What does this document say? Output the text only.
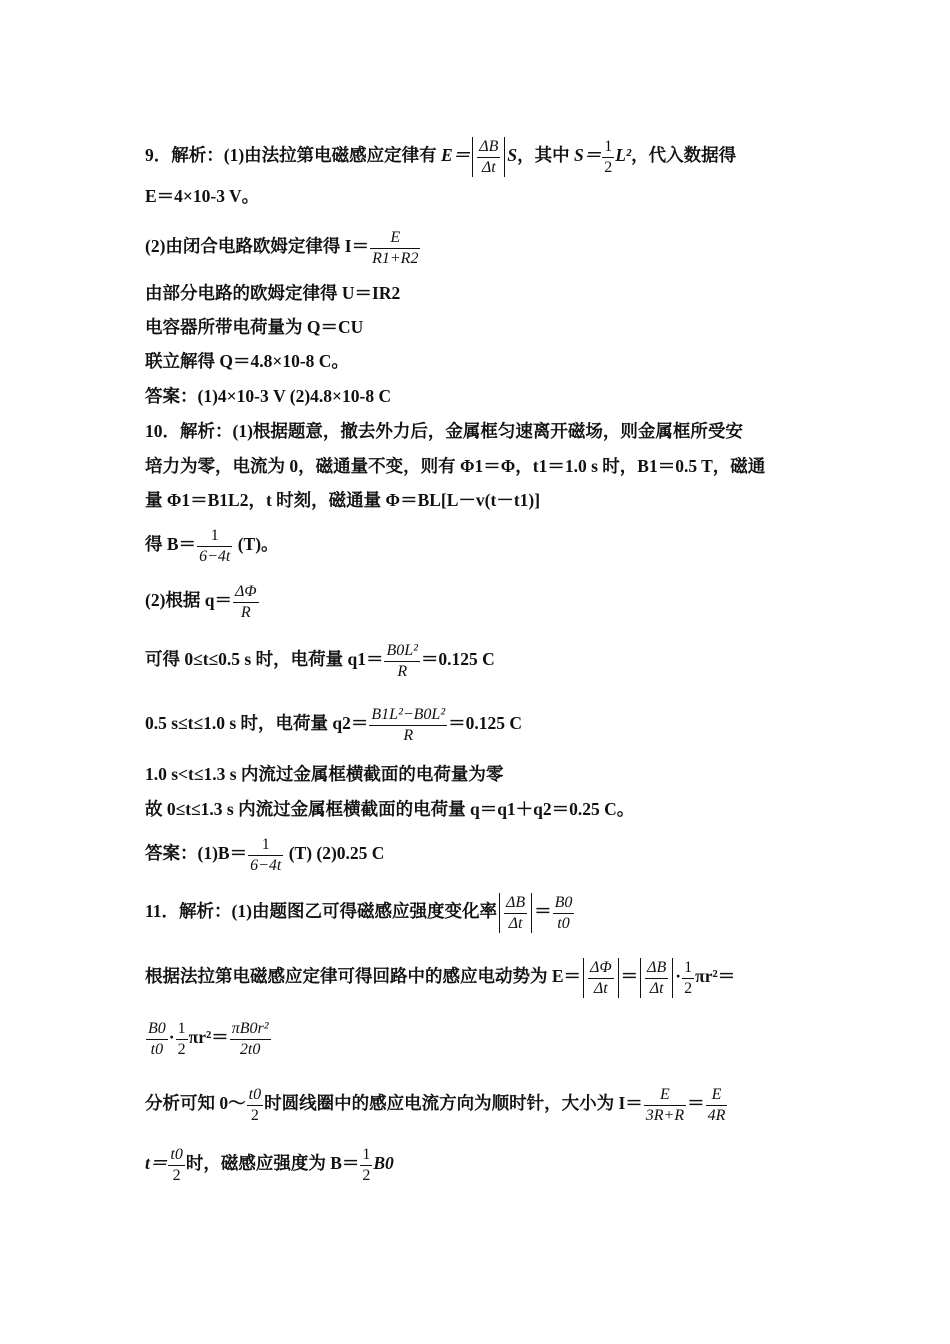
9．解析：(1)由法拉第电磁感应定律有 $E= \frac{\Delta B}{\Delta t}$ S，其中 $S= \frac{1}{2} L^2$，代入数据得
E＝4×10-3 V。
(2)由闭合电路欧姆定律得 $I= \frac{E}{R1+R2}$
由部分电路的欧姆定律得 U＝IR2
电容器所带电荷量为 Q＝CU
联立解得 Q＝4.8×10-8 C。
答案：(1)4×10-3 V (2)4.8×10-8 C
10．解析：(1)根据题意，撤去外力后，金属框匀速离开磁场，则金属框所受安
培力为零，电流为 0，磁通量不变，则有 Φ1＝Φ，t1＝1.0 s 时，B1＝0.5 T，磁通
量 Φ1＝B1L2，t 时刻，磁通量 Φ＝BL[L－v(t－t1)]
得 $B= \frac{1}{6-4t} (T)$。
(2)根据 $q= \frac{\Delta\Phi}{R}$
可得 0≤t≤0.5 s 时，电荷量 $q1= \frac{\text{B0L²}}{R} =0.125$ C
0.5 s≤t≤1.0 s 时，电荷量 $q2= \frac{\text{B1L²−B0L²}}{R} =0.125$ C
1.0 s<t≤1.3 s 内流过金属框横截面的电荷量为零
故 0≤t≤1.3 s 内流过金属框横截面的电荷量 q＝q1＋q2＝0.25 C。
答案：$(1)B= \frac{1}{6-4t} (T)$ (2)0.25 C
11．解析：(1)由题图乙可得磁感应强度变化率 $\frac{\Delta B}{\Delta t} = \frac{B0}{t0}$
根据法拉第电磁感应定律可得回路中的感应电动势为 $E= \frac{\Delta\Phi}{\Delta t} = \frac{\Delta B}{\Delta t} \cdot \frac{1}{2} \pi r^2=$
$\frac{B0}{t0} \cdot \frac{1}{2} \pi r^2= \frac{\text{πB0r²}}{2t0}$
分析可知 0～ $\frac{t0}{2}$ 时圆线圈中的感应电流方向为顺时针，大小为 $I= \frac{E}{3R+R} = \frac{E}{4R}$
$t= \frac{t0}{2}$ 时，磁感应强度为 $B= \frac{1}{2} B0$
